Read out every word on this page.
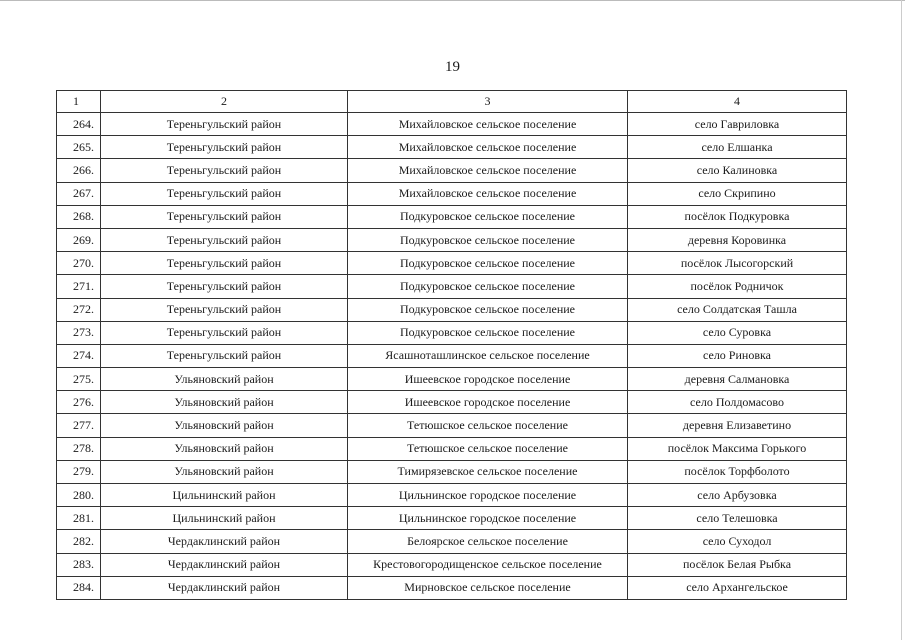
19
1	2	3	4
264.	Тереньгульский район	Михайловское сельское поселение	село Гавриловка
265.	Тереньгульский район	Михайловское сельское поселение	село Елшанка
266.	Тереньгульский район	Михайловское сельское поселение	село Калиновка
267.	Тереньгульский район	Михайловское сельское поселение	село Скрипино
268.	Тереньгульский район	Подкуровское сельское поселение	посёлок Подкуровка
269.	Тереньгульский район	Подкуровское сельское поселение	деревня Коровинка
270.	Тереньгульский район	Подкуровское сельское поселение	посёлок Лысогорский
271.	Тереньгульский район	Подкуровское сельское поселение	посёлок Родничок
272.	Тереньгульский район	Подкуровское сельское поселение	село Солдатская Ташла
273.	Тереньгульский район	Подкуровское сельское поселение	село Суровка
274.	Тереньгульский район	Ясашноташлинское сельское поселение	село Риновка
275.	Ульяновский район	Ишеевское городское поселение	деревня Салмановка
276.	Ульяновский район	Ишеевское городское поселение	село Полдомасово
277.	Ульяновский район	Тетюшское сельское поселение	деревня Елизаветино
278.	Ульяновский район	Тетюшское сельское поселение	посёлок Максима Горького
279.	Ульяновский район	Тимирязевское сельское поселение	посёлок Торфболото
280.	Цильнинский район	Цильнинское городское поселение	село Арбузовка
281.	Цильнинский район	Цильнинское городское поселение	село Телешовка
282.	Чердаклинский район	Белоярское сельское поселение	село Суходол
283.	Чердаклинский район	Крестовогородищенское сельское поселение	посёлок Белая Рыбка
284.	Чердаклинский район	Мирновское сельское поселение	село Архангельское
